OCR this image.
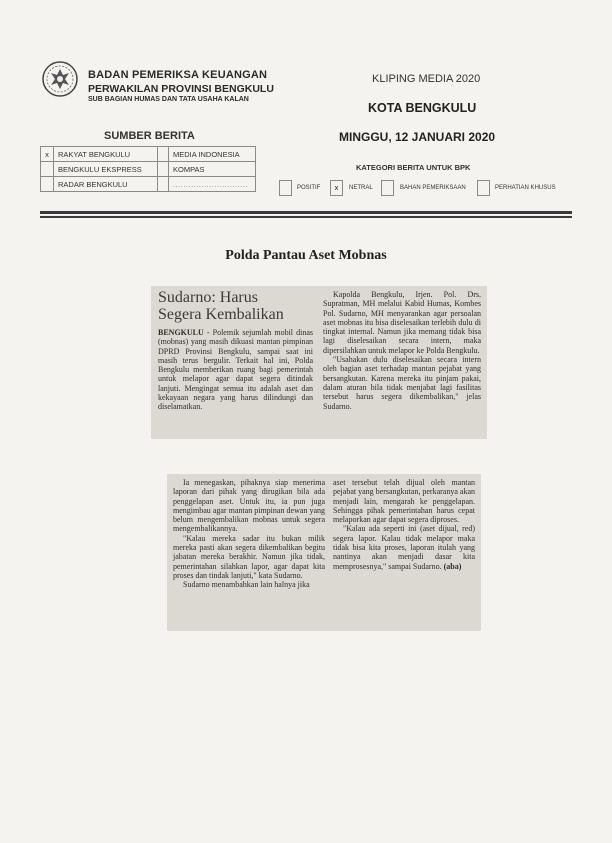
BADAN PEMERIKSA KEUANGAN
PERWAKILAN PROVINSI BENGKULU
SUB BAGIAN HUMAS DAN TATA USAHA KALAN
KLIPING MEDIA 2020
KOTA BENGKULU
MINGGU, 12 JANUARI 2020
SUMBER BERITA
x	RAKYAT BENGKULU		MEDIA INDONESIA
	BENGKULU EKSPRESS		KOMPAS
	RADAR BENGKULU		.............................
KATEGORI BERITA UNTUK BPK
POSITIF	x	NETRAL	BAHAN PEMERIKSAAN	PERHATIAN KHUSUS
Polda Pantau Aset Mobnas
Sudarno: Harus
Segera Kembalikan

BENGKULU - Polemik sejumlah mobil dinas (mobnas) yang masih dikuasi mantan pimpinan DPRD Provinsi Bengkulu, sampai saat ini masih terus bergulir. Terkait hal ini, Polda Bengkulu memberikan ruang bagi pemerintah untuk melapor agar dapat segera ditindak lanjuti. Mengingat semua itu adalah aset dan kekayaan negara yang harus dilindungi dan diselamatkan.

Kapolda Bengkulu, Irjen. Pol. Drs. Supratman, MH melalui Kabid Humas, Kombes Pol. Sudarno, MH menyarankan agar persoalan aset mobnas itu bisa diselesaikan terlebih dulu di tingkat internal. Namun jika memang tidak bisa lagi diselesaikan secara intern, maka dipersilahkan untuk melapor ke Polda Bengkulu.

"Usahakan dulu diselesaikan secara intern oleh bagian aset terhadap mantan pejabat yang bersangkutan. Karena mereka itu pinjam pakai, dalam aturan bila tidak menjabat lagi fasilitas tersebut harus segera dikembalikan," jelas Sudarno.

Ia menegaskan, pihaknya siap menerima laporan dari pihak yang dirugikan bila ada penggelapan aset. Untuk itu, ia pun juga mengimbau agar mantan pimpinan dewan yang belum mengembalikan mobnas untuk segera mengembalikannya.

"Kalau mereka sadar itu bukan milik mereka pasti akan segera dikembalikan begitu jabatan mereka berakhir. Namun jika tidak, pemerintahan silahkan lapor, agar dapat kita proses dan tindak lanjuti," kata Sudarno.

Sudarno menambahkan lain halnya jika

aset tersebut telah dijual oleh mantan pejabat yang bersangkutan, perkaranya akan menjadi lain, mengarah ke penggelapan. Sehingga pihak pemerintahan harus cepat melaporkan agar dapat segera diproses.

"Kalau ada seperti ini (aset dijual, red) segera lapor. Kalau tidak melapor maka tidak bisa kita proses, laporan itulah yang nantinya akan menjadi dasar kita memprosesnya," sampai Sudarno. (aba)
